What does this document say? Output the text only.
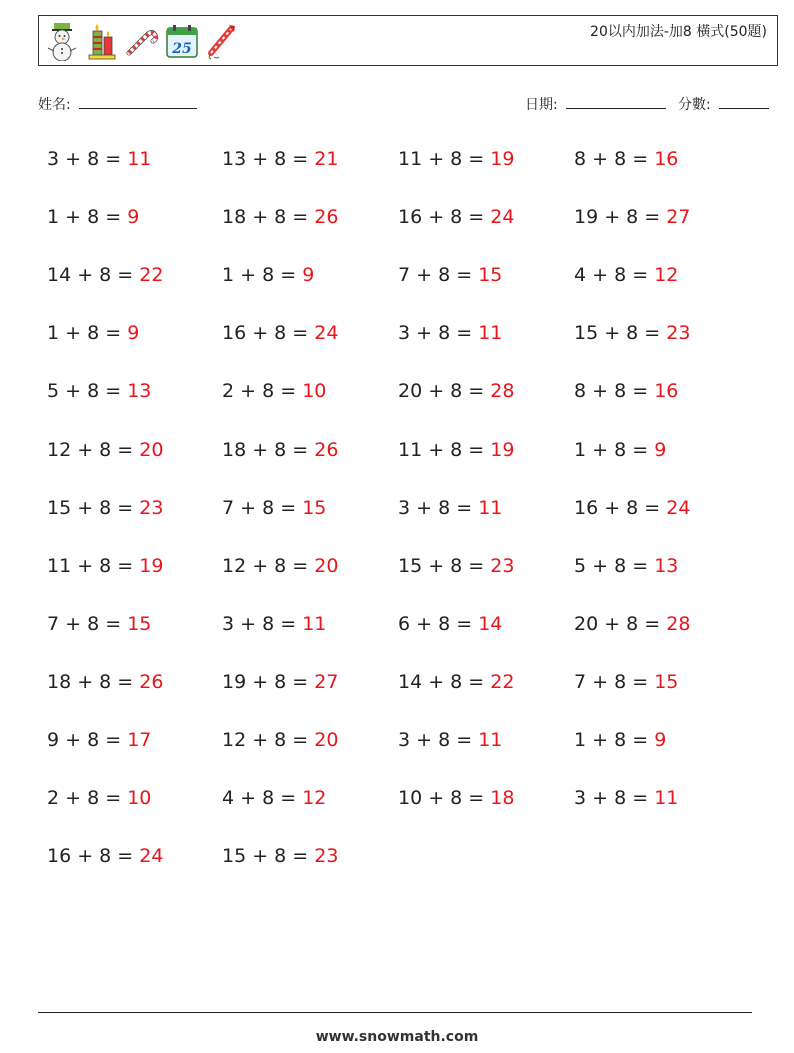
25
20以内加法-加8 橫式(50題)
姓名:	日期:	分數:
3 + 8 = 11	13 + 8 = 21	11 + 8 = 19	8 + 8 = 16
1 + 8 = 9	18 + 8 = 26	16 + 8 = 24	19 + 8 = 27
14 + 8 = 22	1 + 8 = 9	7 + 8 = 15	4 + 8 = 12
1 + 8 = 9	16 + 8 = 24	3 + 8 = 11	15 + 8 = 23
5 + 8 = 13	2 + 8 = 10	20 + 8 = 28	8 + 8 = 16
12 + 8 = 20	18 + 8 = 26	11 + 8 = 19	1 + 8 = 9
15 + 8 = 23	7 + 8 = 15	3 + 8 = 11	16 + 8 = 24
11 + 8 = 19	12 + 8 = 20	15 + 8 = 23	5 + 8 = 13
7 + 8 = 15	3 + 8 = 11	6 + 8 = 14	20 + 8 = 28
18 + 8 = 26	19 + 8 = 27	14 + 8 = 22	7 + 8 = 15
9 + 8 = 17	12 + 8 = 20	3 + 8 = 11	1 + 8 = 9
2 + 8 = 10	4 + 8 = 12	10 + 8 = 18	3 + 8 = 11
16 + 8 = 24	15 + 8 = 23
www.snowmath.com
